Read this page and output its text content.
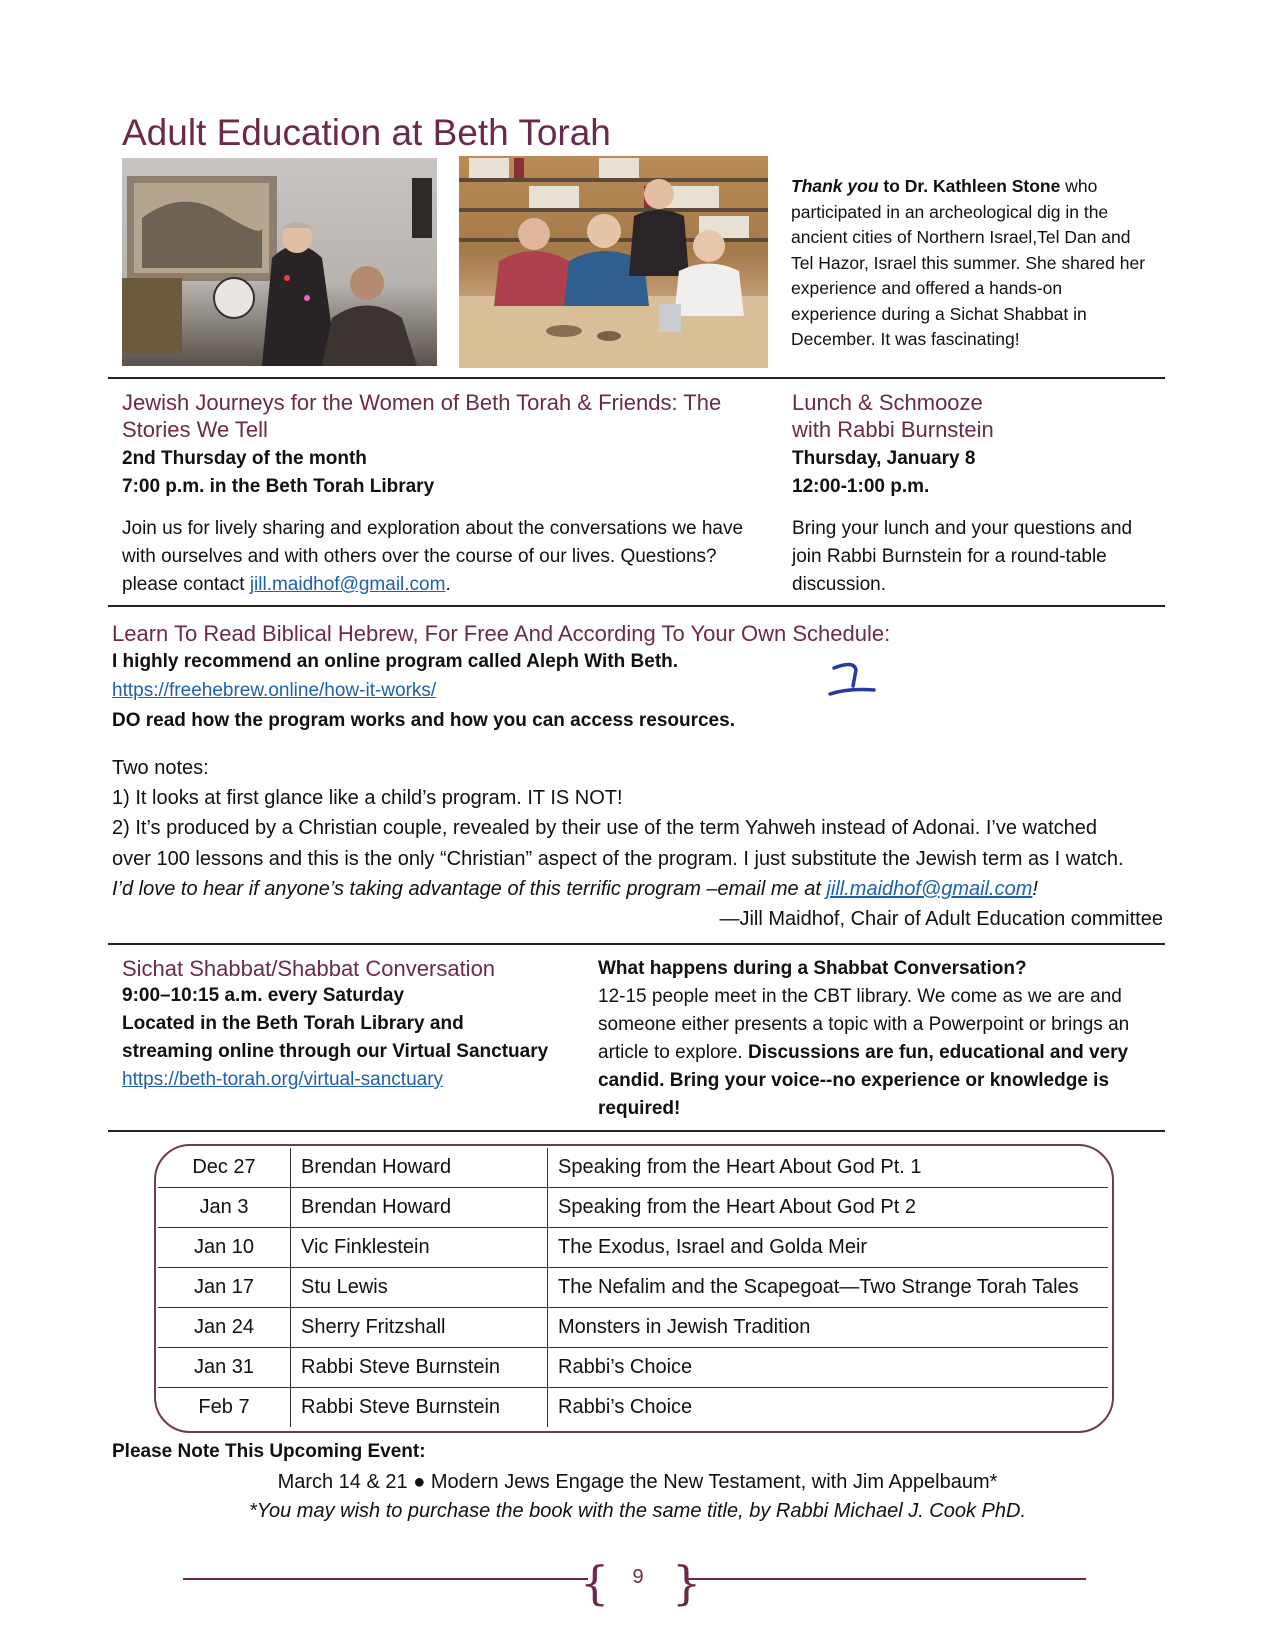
Adult Education at Beth Torah
Thank you to Dr. Kathleen Stone who participated in an archeological dig in the ancient cities of Northern Israel,Tel Dan and Tel Hazor, Israel this summer. She shared her experience and offered a hands-on experience during a Sichat Shabbat in December. It was fascinating!
Jewish Journeys for the Women of Beth Torah & Friends: The Stories We Tell
2nd Thursday of the month
7:00 p.m. in the Beth Torah Library
Join us for lively sharing and exploration about the conversations we have with ourselves and with others over the course of our lives. Questions? please contact jill.maidhof@gmail.com.
Lunch & Schmooze with Rabbi Burnstein
Thursday, January 8
12:00-1:00 p.m.
Bring your lunch and your questions and join Rabbi Burnstein for a round-table discussion.
Learn To Read Biblical Hebrew, For Free And According To Your Own Schedule:
I highly recommend an online program called Aleph With Beth.
https://freehebrew.online/how-it-works/
DO read how the program works and how you can access resources.
Two notes:
1) It looks at first glance like a child’s program. IT IS NOT!
2) It’s produced by a Christian couple, revealed by their use of the term Yahweh instead of Adonai. I’ve watched
over 100 lessons and this is the only “Christian” aspect of the program. I just substitute the Jewish term as I watch.
I’d love to hear if anyone’s taking advantage of this terrific program –email me at jill.maidhof@gmail.com!
—Jill Maidhof, Chair of Adult Education committee
Sichat Shabbat/Shabbat Conversation
9:00–10:15 a.m. every Saturday
Located in the Beth Torah Library and
streaming online through our Virtual Sanctuary
https://beth-torah.org/virtual-sanctuary
What happens during a Shabbat Conversation?
12-15 people meet in the CBT library. We come as we are and someone either presents a topic with a Powerpoint or brings an article to explore. Discussions are fun, educational and very candid. Bring your voice--no experience or knowledge is required!
Dec 27	Brendan Howard	Speaking from the Heart About God Pt. 1
Jan 3	Brendan Howard	Speaking from the Heart About God Pt 2
Jan 10	Vic Finklestein	The Exodus, Israel and Golda Meir
Jan 17	Stu Lewis	The Nefalim and the Scapegoat—Two Strange Torah Tales
Jan 24	Sherry Fritzshall	Monsters in Jewish Tradition
Jan 31	Rabbi Steve Burnstein	Rabbi’s Choice
Feb 7	Rabbi Steve Burnstein	Rabbi’s Choice
Please Note This Upcoming Event:
March 14 & 21 ● Modern Jews Engage the New Testament, with Jim Appelbaum*
*You may wish to purchase the book with the same title, by Rabbi Michael J. Cook PhD.
{ }
9
